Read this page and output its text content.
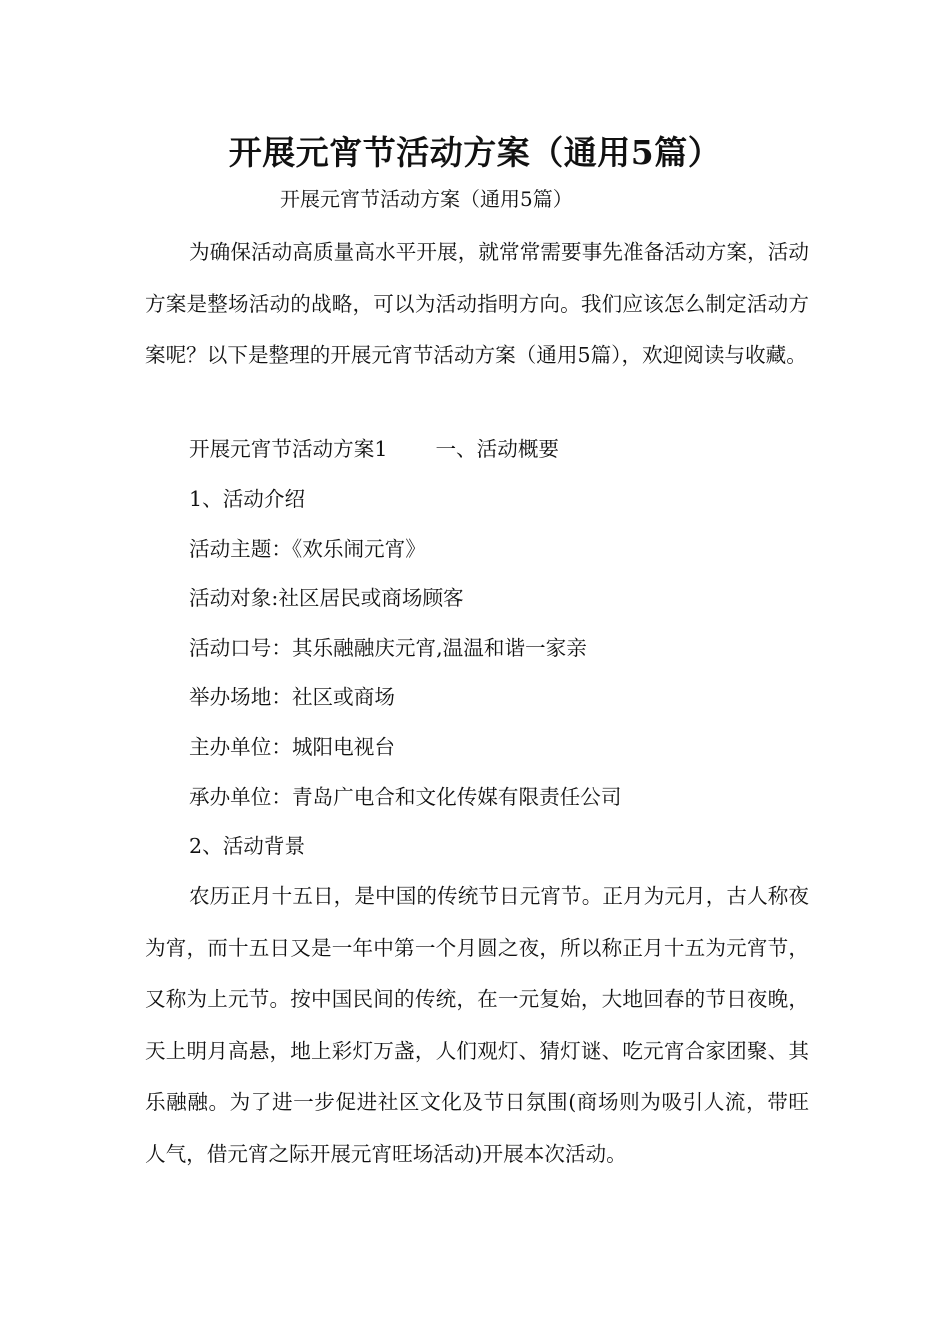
开展元宵节活动方案（通用5篇）
开展元宵节活动方案（通用5篇）
为确保活动高质量高水平开展，就常常需要事先准备活动方案，活动方案是整场活动的战略，可以为活动指明方向。我们应该怎么制定活动方案呢？以下是整理的开展元宵节活动方案（通用5篇），欢迎阅读与收藏。
开展元宵节活动方案1 一、活动概要
1、活动介绍
活动主题：《欢乐闹元宵》
活动对象:社区居民或商场顾客
活动口号：其乐融融庆元宵,温温和谐一家亲
举办场地：社区或商场
主办单位：城阳电视台
承办单位：青岛广电合和文化传媒有限责任公司
2、活动背景
农历正月十五日，是中国的传统节日元宵节。正月为元月，古人称夜为宵，而十五日又是一年中第一个月圆之夜，所以称正月十五为元宵节，又称为上元节。按中国民间的传统，在一元复始，大地回春的节日夜晚，天上明月高悬，地上彩灯万盏，人们观灯、猜灯谜、吃元宵合家团聚、其乐融融。为了进一步促进社区文化及节日氛围(商场则为吸引人流，带旺人气，借元宵之际开展元宵旺场活动)开展本次活动。
